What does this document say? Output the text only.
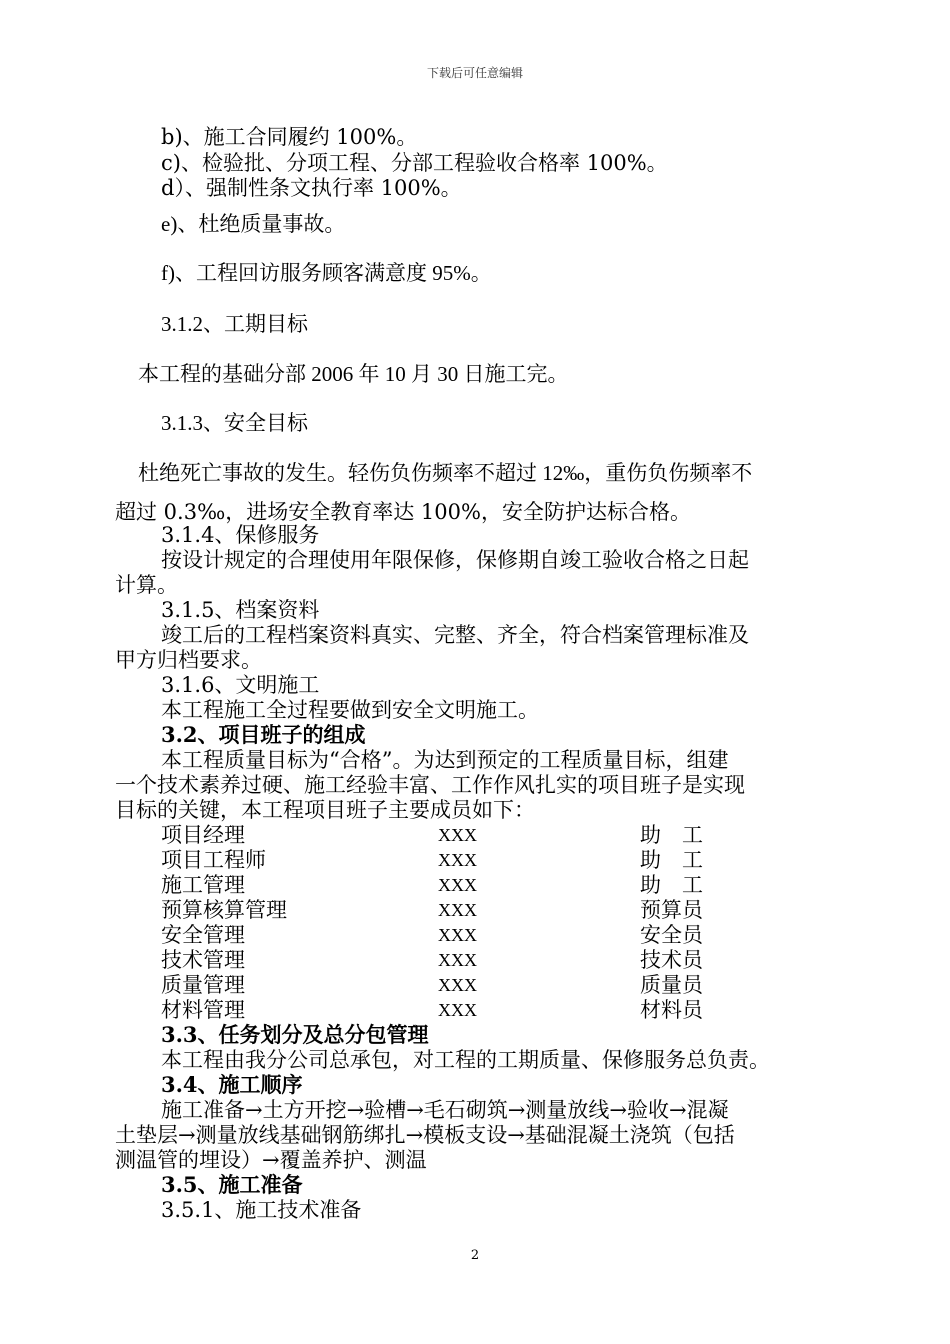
下载后可任意编辑
b)、施工合同履约 100%。
c)、检验批、分项工程、分部工程验收合格率 100%。
d）、强制性条文执行率 100%。
e)、杜绝质量事故。
f)、工程回访服务顾客满意度 95%。
3.1.2、工期目标
本工程的基础分部 2006 年 10 月 30 日施工完。
3.1.3、安全目标
杜绝死亡事故的发生。轻伤负伤频率不超过 12‰，重伤负伤频率不
超过 0.3‰，进场安全教育率达 100%，安全防护达标合格。
3.1.4、保修服务
按设计规定的合理使用年限保修，保修期自竣工验收合格之日起
计算。
3.1.5、档案资料
竣工后的工程档案资料真实、完整、齐全，符合档案管理标准及
甲方归档要求。
3.1.6、文明施工
本工程施工全过程要做到安全文明施工。
3.2、项目班子的组成
本工程质量目标为“合格”。为达到预定的工程质量目标，组建
一个技术素养过硬、施工经验丰富、工作作风扎实的项目班子是实现
目标的关键，本工程项目班子主要成员如下：
项目经理	XXX	助　工
项目工程师	XXX	助　工
施工管理	XXX	助　工
预算核算管理	XXX	预算员
安全管理	XXX	安全员
技术管理	XXX	技术员
质量管理	XXX	质量员
材料管理	XXX	材料员
3.3、任务划分及总分包管理
本工程由我分公司总承包，对工程的工期质量、保修服务总负责。
3.4、施工顺序
施工准备→土方开挖→验槽→毛石砌筑→测量放线→验收→混凝
土垫层→测量放线基础钢筋绑扎→模板支设→基础混凝土浇筑（包括
测温管的埋设）→覆盖养护、测温
3.5、施工准备
3.5.1、施工技术准备
2
